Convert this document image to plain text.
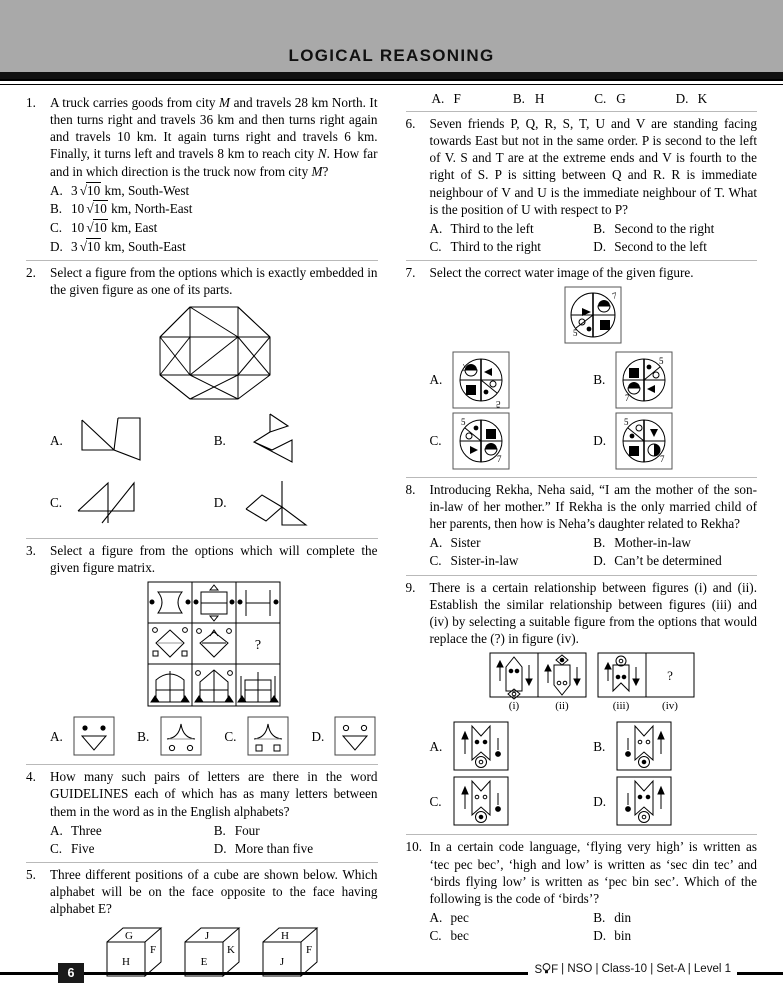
LOGICAL REASONING
1.	A truck carries goods from city M and travels 28 km North. It then turns right and travels 36 km and then turns right again and travels 10 km. It again turns right and travels 6 km. Finally, it turns left and travels 8 km to reach city N. How far and in which direction is the truck now from city M?
A. 3 √10 km, South-West
B. 10 √10 km, North-East
C. 10 √10 km, East
D. 3 √10 km, South-East
2.	Select a figure from the options which is exactly embedded in the given figure as one of its parts.
A.	B.
C.	D.
3.	Select a figure from the options which will complete the given figure matrix.
?
A.	B.	C.	D.
4.	How many such pairs of letters are there in the word GUIDELINES each of which has as many letters between them in the word as in the English alphabets?
A. Three	B. Four
C. Five	D. More than five
5.	Three different positions of a cube are shown below. Which alphabet will be on the face opposite to the face having alphabet E?
G
H
F
J
E
K
H
J
F
A. F	B. H	C. G	D. K
6.	Seven friends P, Q, R, S, T, U and V are standing facing towards East but not in the same order. P is second to the left of V. S and T are at the extreme ends and V is fourth to the right of S. P is sitting between Q and R. R is immediate neighbour of V and U is the immediate neighbour of T. What is the position of U with respect to P?
A. Third to the left	B. Second to the right
C. Third to the right	D. Second to the left
7.	Select the correct water image of the given figure.
7
5
A.
7
5
B.
5
7
C.
5
7
D.
5
7
8.	Introducing Rekha, Neha said, “I am the mother of the son-in-law of her mother.” If Rekha is the only married child of her parents, then how is Neha’s daughter related to Rekha?
A. Sister	B. Mother-in-law
C. Sister-in-law	D. Can’t be determined
9.	There is a certain relationship between figures (i) and (ii). Establish the similar relationship between figures (iii) and (iv) by selecting a suitable figure from the options that would replace the (?) in figure (iv).
?
(i)	(ii)	(iii)	(iv)
A.	B.
C.	D.
10. In a certain code language, ‘flying very high’ is written as ‘tec pec bec’, ‘high and low’ is written as ‘sec din tec’ and ‘birds flying low’ is written as ‘pec bin sec’. Which of the following is the code of ‘birds’?
A. pec	B. din
C. bec	D. bin
6	S F | NSO | Class-10 | Set-A | Level 1
